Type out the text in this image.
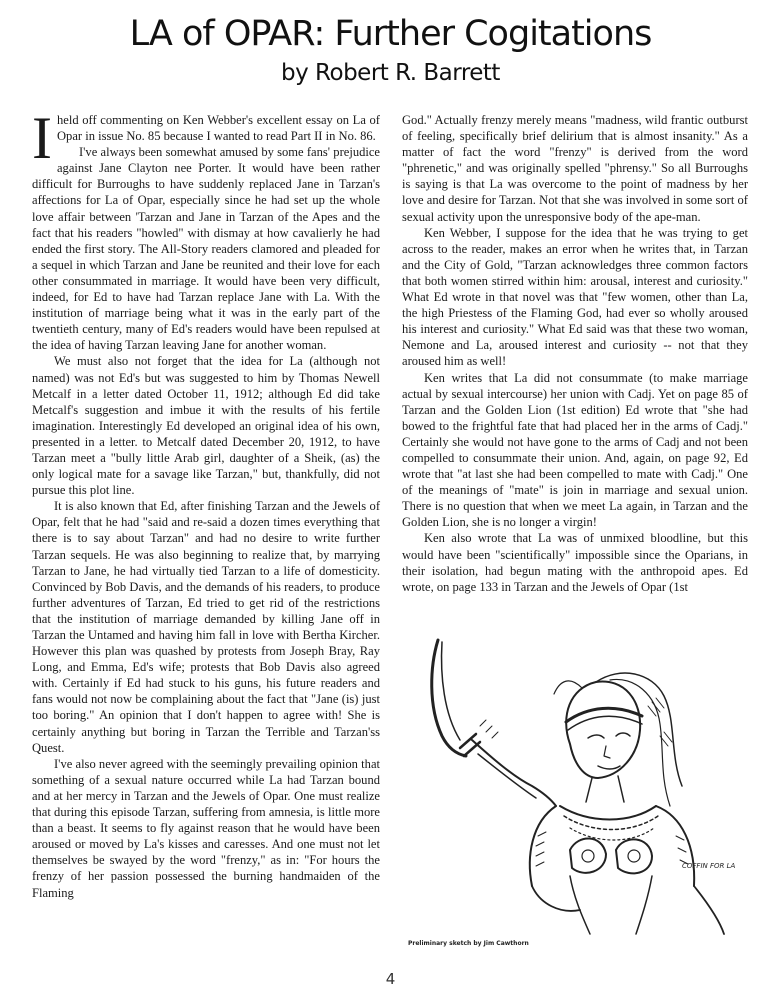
LA of OPAR: Further Cogitations
by Robert R. Barrett

Iheld off commenting on Ken Webber's excellent essay on La of Opar in issue No. 85 because I wanted to read Part II in No. 86.

I've always been somewhat amused by some fans' prejudice against Jane Clayton nee Porter. It would have been rather difficult for Burroughs to have suddenly replaced Jane in Tarzan's affections for La of Opar, especially since he had set up the whole love affair between 'Tarzan and Jane in Tarzan of the Apes and the fact that his readers "howled" with dismay at how cavalierly he had ended the first story. The All-Story readers clamored and pleaded for a sequel in which Tarzan and Jane be reunited and their love for each other consummated in marriage. It would have been very difficult, indeed, for Ed to have had Tarzan replace Jane with La. With the institution of marriage being what it was in the early part of the twentieth century, many of Ed's readers would have been repulsed at the idea of having Tarzan leaving Jane for another woman.

We must also not forget that the idea for La (although not named) was not Ed's but was suggested to him by Thomas Newell Metcalf in a letter dated October 11, 1912; although Ed did take Metcalf's suggestion and imbue it with the results of his fertile imagination. Interestingly Ed developed an original idea of his own, presented in a letter. to Metcalf dated December 20, 1912, to have Tarzan meet a "bully little Arab girl, daughter of a Sheik, (as) the only logical mate for a savage like Tarzan," but, thankfully, did not pursue this plot line.

It is also known that Ed, after finishing Tarzan and the Jewels of Opar, felt that he had "said and re-said a dozen times everything that there is to say about Tarzan" and had no desire to write further Tarzan sequels. He was also beginning to realize that, by marrying Tarzan to Jane, he had virtually tied Tarzan to a life of domesticity. Convinced by Bob Davis, and the demands of his readers, to produce further adventures of Tarzan, Ed tried to get rid of the restrictions that the institution of marriage demanded by killing Jane off in Tarzan the Untamed and having him fall in love with Bertha Kircher. However this plan was quashed by protests from Joseph Bray, Ray Long, and Emma, Ed's wife; protests that Bob Davis also agreed with. Certainly if Ed had stuck to his guns, his future readers and fans would not now be complaining about the fact that "Jane (is) just too boring." An opinion that I don't happen to agree with! She is certainly anything but boring in Tarzan the Terrible and Tarzan'ss Quest.

I've also never agreed with the seemingly prevailing opinion that something of a sexual nature occurred while La had Tarzan bound and at her mercy in Tarzan and the Jewels of Opar. One must realize that during this episode Tarzan, suffering from amnesia, is little more than a beast. It seems to fly against reason that he would have been aroused or moved by La's kisses and caresses. And one must not let themselves be swayed by the word "frenzy," as in: "For hours the frenzy of her passion possessed the burning handmaiden of the Flaming

God." Actually frenzy merely means "madness, wild frantic outburst of feeling, specifically brief delirium that is almost insanity." As a matter of fact the word "frenzy" is derived from the word "phrenetic," and was originally spelled "phrensy." So all Burroughs is saying is that La was overcome to the point of madness by her love and desire for Tarzan. Not that she was involved in some sort of sexual activity upon the unresponsive body of the ape-man.

Ken Webber, I suppose for the idea that he was trying to get across to the reader, makes an error when he writes that, in Tarzan and the City of Gold, "Tarzan acknowledges three common factors that both women stirred within him: arousal, interest and curiosity." What Ed wrote in that novel was that "few women, other than La, the high Priestess of the Flaming God, had ever so wholly aroused his interest and curiosity." What Ed said was that these two woman, Nemone and La, aroused interest and curiosity -- not that they aroused him as well!

Ken writes that La did not consummate (to make marriage actual by sexual intercourse) her union with Cadj. Yet on page 85 of Tarzan and the Golden Lion (1st edition) Ed wrote that "she had bowed to the frightful fate that had placed her in the arms of Cadj." Certainly she would not have gone to the arms of Cadj and not been compelled to consummate their union. And, again, on page 92, Ed wrote that "at last she had been compelled to mate with Cadj." One of the meanings of "mate" is join in marriage and sexual union. There is no question that when we meet La again, in Tarzan and the Golden Lion, she is no longer a virgin!

Ken also wrote that La was of unmixed bloodline, but this would have been "scientifically" impossible since the Oparians, in their isolation, had begun mating with the anthropoid apes. Ed wrote, on page 133 in Tarzan and the Jewels of Opar (1st

COFFIN FOR LA
Preliminary sketch by Jim Cawthorn
4
